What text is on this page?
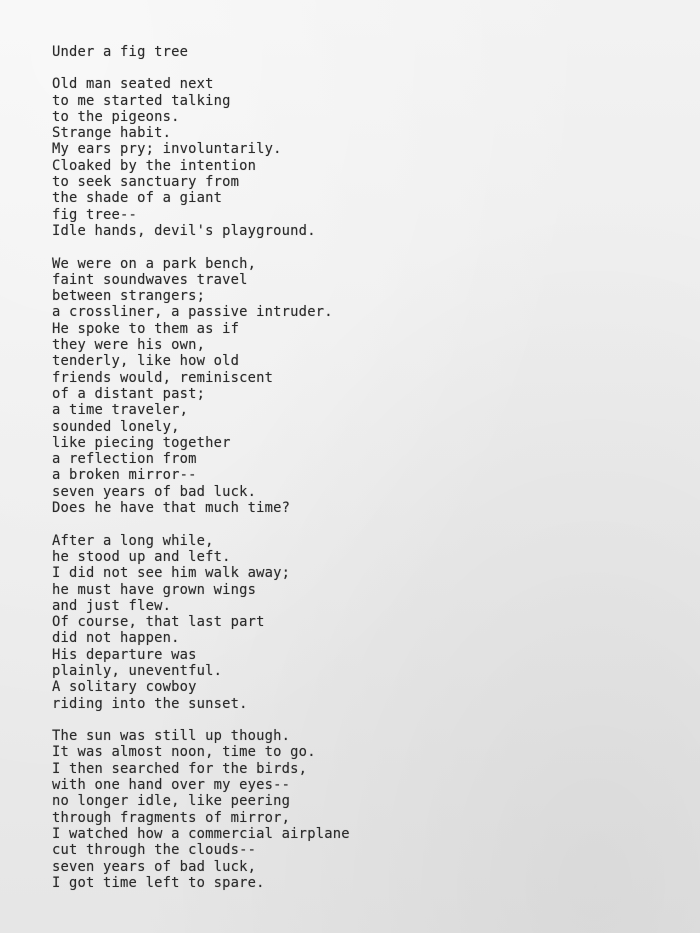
Under a fig tree
Old man seated next
to me started talking
to the pigeons.
Strange habit.
My ears pry; involuntarily.
Cloaked by the intention
to seek sanctuary from
the shade of a giant
fig tree--
Idle hands, devil's playground.
We were on a park bench,
faint soundwaves travel
between strangers;
a crossliner, a passive intruder.
He spoke to them as if
they were his own,
tenderly, like how old
friends would, reminiscent
of a distant past;
a time traveler,
sounded lonely,
like piecing together
a reflection from
a broken mirror--
seven years of bad luck.
Does he have that much time?
After a long while,
he stood up and left.
I did not see him walk away;
he must have grown wings
and just flew.
Of course, that last part
did not happen.
His departure was
plainly, uneventful.
A solitary cowboy
riding into the sunset.
The sun was still up though.
It was almost noon, time to go.
I then searched for the birds,
with one hand over my eyes--
no longer idle, like peering
through fragments of mirror,
I watched how a commercial airplane
cut through the clouds--
seven years of bad luck,
I got time left to spare.
